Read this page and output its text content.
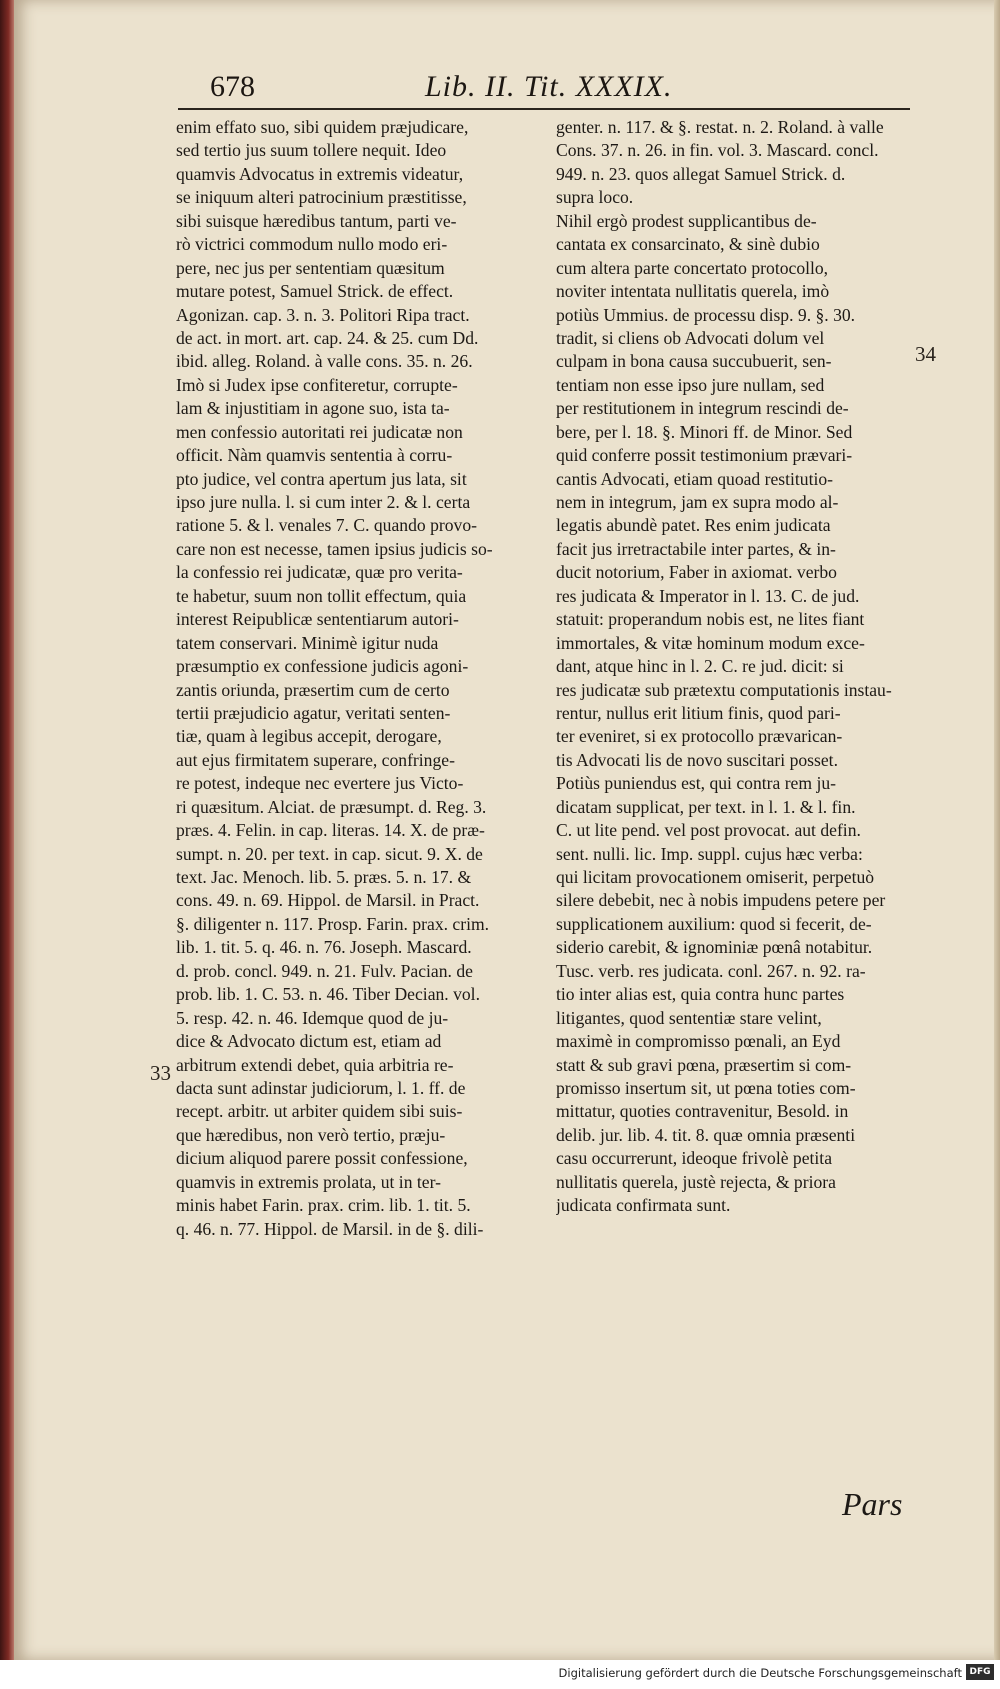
678	Lib. II. Tit. XXXIX.
enim effato suo, sibi quidem præjudicare,
sed tertio jus suum tollere nequit. Ideo
quamvis Advocatus in extremis videatur,
se iniquum alteri patrocinium præstitisse,
sibi suisque hæredibus tantum, parti ve-
rò victrici commodum nullo modo eri-
pere, nec jus per sententiam quæsitum
mutare potest, Samuel Strick. de effect.
Agonizan. cap. 3. n. 3. Politori Ripa tract.
de act. in mort. art. cap. 24. & 25. cum Dd.
ibid. alleg. Roland. à valle cons. 35. n. 26.
Imò si Judex ipse confiteretur, corrupte-
lam & injustitiam in agone suo, ista ta-
men confessio autoritati rei judicatæ non
officit. Nàm quamvis sententia à corru-
pto judice, vel contra apertum jus lata, sit
ipso jure nulla. l. si cum inter 2. & l. certa
ratione 5. & l. venales 7. C. quando provo-
care non est necesse, tamen ipsius judicis so-
la confessio rei judicatæ, quæ pro verita-
te habetur, suum non tollit effectum, quia
interest Reipublicæ sententiarum autori-
tatem conservari. Minimè igitur nuda
præsumptio ex confessione judicis agoni-
zantis oriunda, præsertim cum de certo
tertii præjudicio agatur, veritati senten-
tiæ, quam à legibus accepit, derogare,
aut ejus firmitatem superare, confringe-
re potest, indeque nec evertere jus Victo-
ri quæsitum. Alciat. de præsumpt. d. Reg. 3.
præs. 4. Felin. in cap. literas. 14. X. de præ-
sumpt. n. 20. per text. in cap. sicut. 9. X. de
text. Jac. Menoch. lib. 5. præs. 5. n. 17. &
cons. 49. n. 69. Hippol. de Marsil. in Pract.
§. diligenter n. 117. Prosp. Farin. prax. crim.
lib. 1. tit. 5. q. 46. n. 76. Joseph. Mascard.
d. prob. concl. 949. n. 21. Fulv. Pacian. de
prob. lib. 1. C. 53. n. 46. Tiber Decian. vol.
5. resp. 42. n. 46. Idemque quod de ju-
dice & Advocato dictum est, etiam ad
arbitrum extendi debet, quia arbitria re-
dacta sunt adinstar judiciorum, l. 1. ff. de
recept. arbitr. ut arbiter quidem sibi suis-
que hæredibus, non verò tertio, præju-
dicium aliquod parere possit confessione,
quamvis in extremis prolata, ut in ter-
minis habet Farin. prax. crim. lib. 1. tit. 5.
q. 46. n. 77. Hippol. de Marsil. in de §. dili-
genter. n. 117. & §. restat. n. 2. Roland. à valle
Cons. 37. n. 26. in fin. vol. 3. Mascard. concl.
949. n. 23. quos allegat Samuel Strick. d.
supra loco.
Nihil ergò prodest supplicantibus de-
cantata ex consarcinato, & sinè dubio
cum altera parte concertato protocollo,
noviter intentata nullitatis querela, imò
potiùs Ummius. de processu disp. 9. §. 30.
tradit, si cliens ob Advocati dolum vel
culpam in bona causa succubuerit, sen-
tentiam non esse ipso jure nullam, sed
per restitutionem in integrum rescindi de-
bere, per l. 18. §. Minori ff. de Minor. Sed
quid conferre possit testimonium prævari-
cantis Advocati, etiam quoad restitutio-
nem in integrum, jam ex supra modo al-
legatis abundè patet. Res enim judicata
facit jus irretractabile inter partes, & in-
ducit notorium, Faber in axiomat. verbo
res judicata & Imperator in l. 13. C. de jud.
statuit: properandum nobis est, ne lites fiant
immortales, & vitæ hominum modum exce-
dant, atque hinc in l. 2. C. re jud. dicit: si
res judicatæ sub prætextu computationis instau-
rentur, nullus erit litium finis, quod pari-
ter eveniret, si ex protocollo prævarican-
tis Advocati lis de novo suscitari posset.
Potiùs puniendus est, qui contra rem ju-
dicatam supplicat, per text. in l. 1. & l. fin.
C. ut lite pend. vel post provocat. aut defin.
sent. nulli. lic. Imp. suppl. cujus hæc verba:
qui licitam provocationem omiserit, perpetuò
silere debebit, nec à nobis impudens petere per
supplicationem auxilium: quod si fecerit, de-
siderio carebit, & ignominiæ pœnâ notabitur.
Tusc. verb. res judicata. conl. 267. n. 92. ra-
tio inter alias est, quia contra hunc partes
litigantes, quod sententiæ stare velint,
maximè in compromisso pœnali, an Eyd
statt & sub gravi pœna, præsertim si com-
promisso insertum sit, ut pœna toties com-
mittatur, quoties contravenitur, Besold. in
delib. jur. lib. 4. tit. 8. quæ omnia præsenti
casu occurrerunt, ideoque frivolè petita
nullitatis querela, justè rejecta, & priora
judicata confirmata sunt.
33
34
Pars
Digitalisierung gefördert durch die Deutsche Forschungsgemeinschaft DFG
